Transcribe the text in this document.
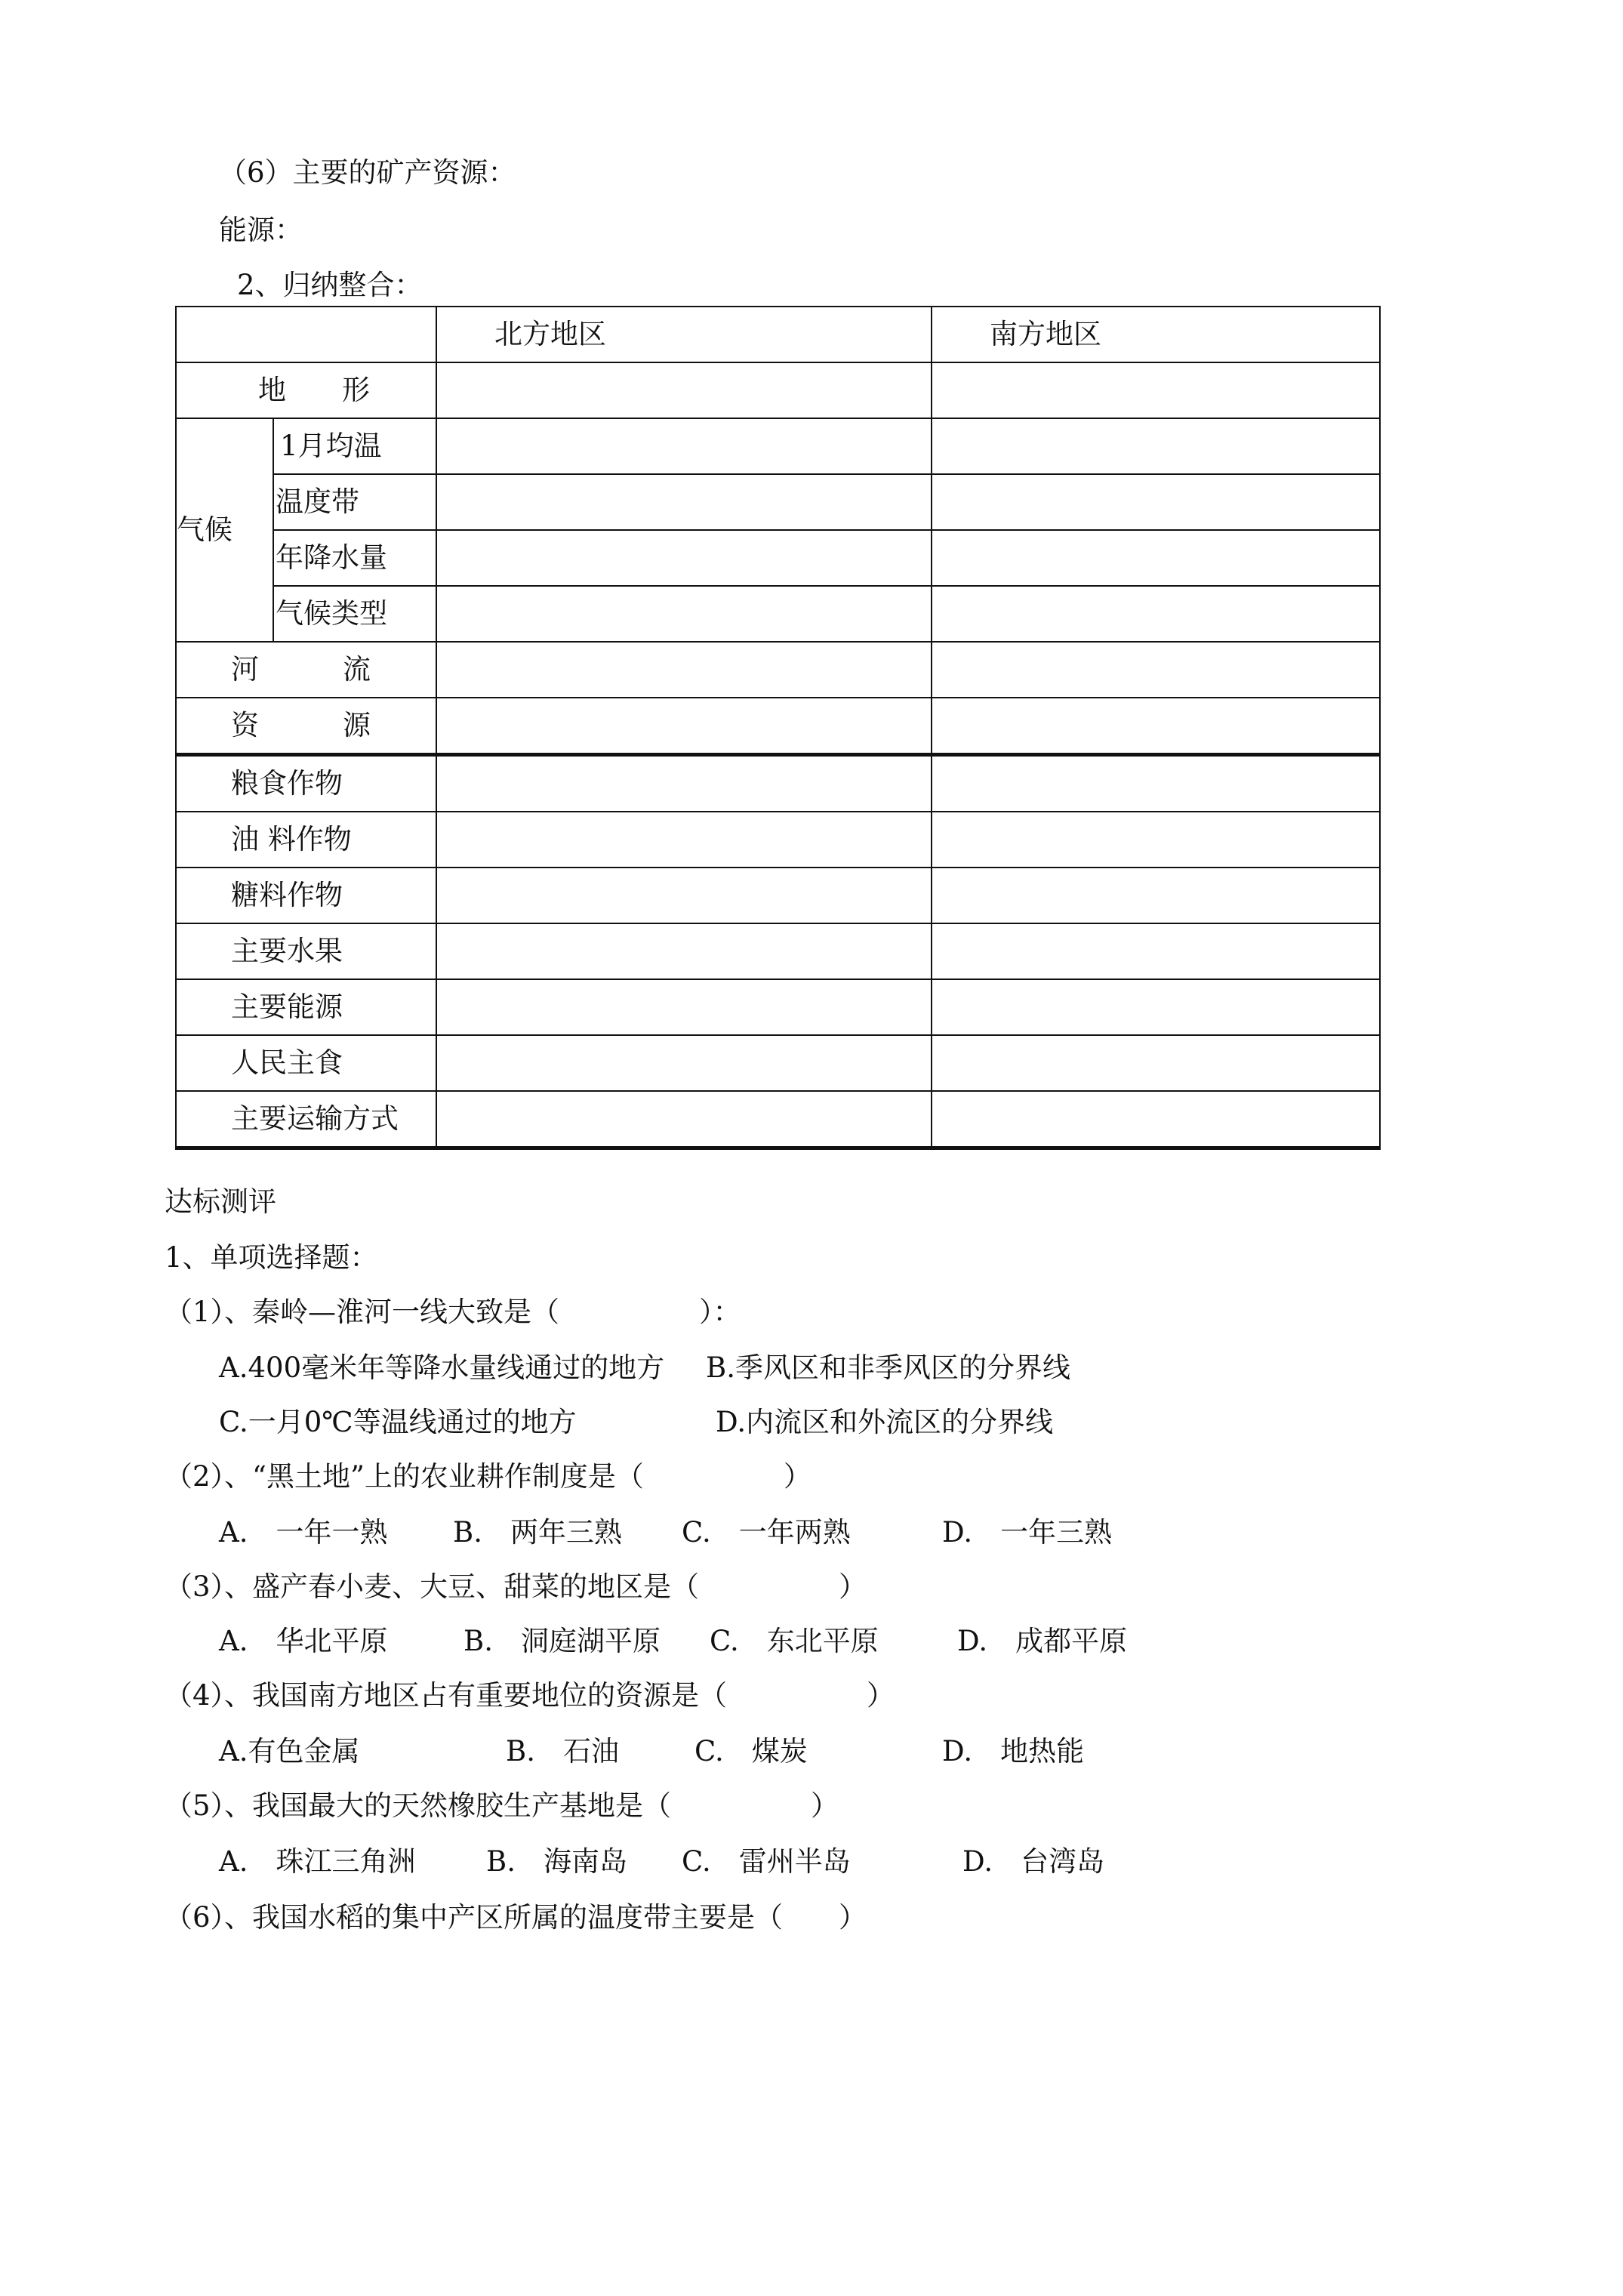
（6）主要的矿产资源：
能源：
2、归纳整合：
		北方地区	南方地区
地　　形			
气候	1月均温		
	温度带		
	年降水量		
	气候类型		
河　　　流			
资　　　源			
粮食作物			
油 料作物			
糖料作物			
主要水果			
主要能源			
人民主食			
主要运输方式			
达标测评
1、单项选择题：
（1）、秦岭—淮河一线大致是（　　　　　）：
A.400毫米年等降水量线通过的地方 B.季风区和非季风区的分界线
C.一月0℃等温线通过的地方	D.内流区和外流区的分界线
（2）、“黑土地”上的农业耕作制度是（　　　　　）
A.　一年一熟 B.　两年三熟 C.　一年两熟	D.　一年三熟
（3）、盛产春小麦、大豆、甜菜的地区是（　　　　　）
A.　华北平原	B.　洞庭湖平原 C.　东北平原	D.　成都平原
（4）、我国南方地区占有重要地位的资源是（　　　　　）
A.有色金属	B.　石油	C.　煤炭	D.　地热能
（5）、我国最大的天然橡胶生产基地是（　　　　　）
A.　珠江三角洲	B.　海南岛 C.　雷州半岛	D.　台湾岛
（6）、我国水稻的集中产区所属的温度带主要是（　　）
